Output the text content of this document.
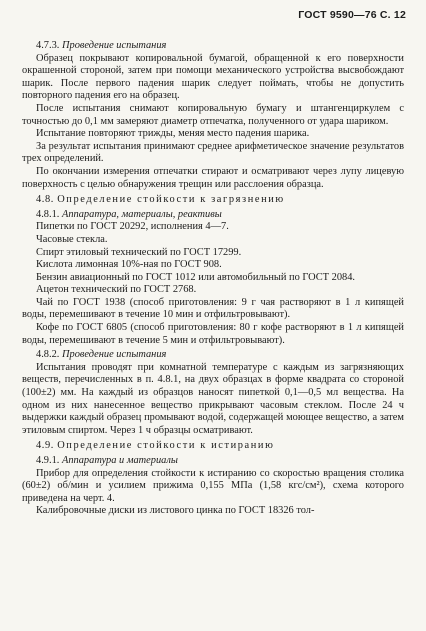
ГОСТ 9590—76 С. 12

4.7.3. Проведение испытания

Образец покрывают копировальной бумагой, обращенной к его поверхности окрашенной стороной, затем при помощи механического устройства высвобождают шарик. После первого падения шарик следует поймать, чтобы не допустить повторного падения его на образец.

После испытания снимают копировальную бумагу и штангенциркулем с точностью до 0,1 мм замеряют диаметр отпечатка, полученного от удара шариком.

Испытание повторяют трижды, меняя место падения шарика.

За результат испытания принимают среднее арифметическое значение результатов трех определений.

По окончании измерения отпечатки стирают и осматривают через лупу лицевую поверхность с целью обнаружения трещин или расслоения образца.

4.8. Определение стойкости к загрязнению

4.8.1. Аппаратура, материалы, реактивы

Пипетки по ГОСТ 20292, исполнения 4—7.

Часовые стекла.

Спирт этиловый технический по ГОСТ 17299.

Кислота лимонная 10%-ная по ГОСТ 908.

Бензин авиационный по ГОСТ 1012 или автомобильный по ГОСТ 2084.

Ацетон технический по ГОСТ 2768.

Чай по ГОСТ 1938 (способ приготовления: 9 г чая растворяют в 1 л кипящей воды, перемешивают в течение 10 мин и отфильтровывают).

Кофе по ГОСТ 6805 (способ приготовления: 80 г кофе растворяют в 1 л кипящей воды, перемешивают в течение 5 мин и отфильтровывают).

4.8.2. Проведение испытания

Испытания проводят при комнатной температуре с каждым из загрязняющих веществ, перечисленных в п. 4.8.1, на двух образцах в форме квадрата со стороной (100±2) мм. На каждый из образцов наносят пипеткой 0,1—0,5 мл вещества. На одном из них нанесенное вещество прикрывают часовым стеклом. После 24 ч выдержки каждый образец промывают водой, содержащей моющее вещество, а затем этиловым спиртом. Через 1 ч образцы осматривают.

4.9. Определение стойкости к истиранию

4.9.1. Аппаратура и материалы

Прибор для определения стойкости к истиранию со скоростью вращения столика (60±2) об/мин и усилием прижима 0,155 МПа (1,58 кгс/см²), схема которого приведена на черт. 4.

Калибровочные диски из листового цинка по ГОСТ 18326 тол-
